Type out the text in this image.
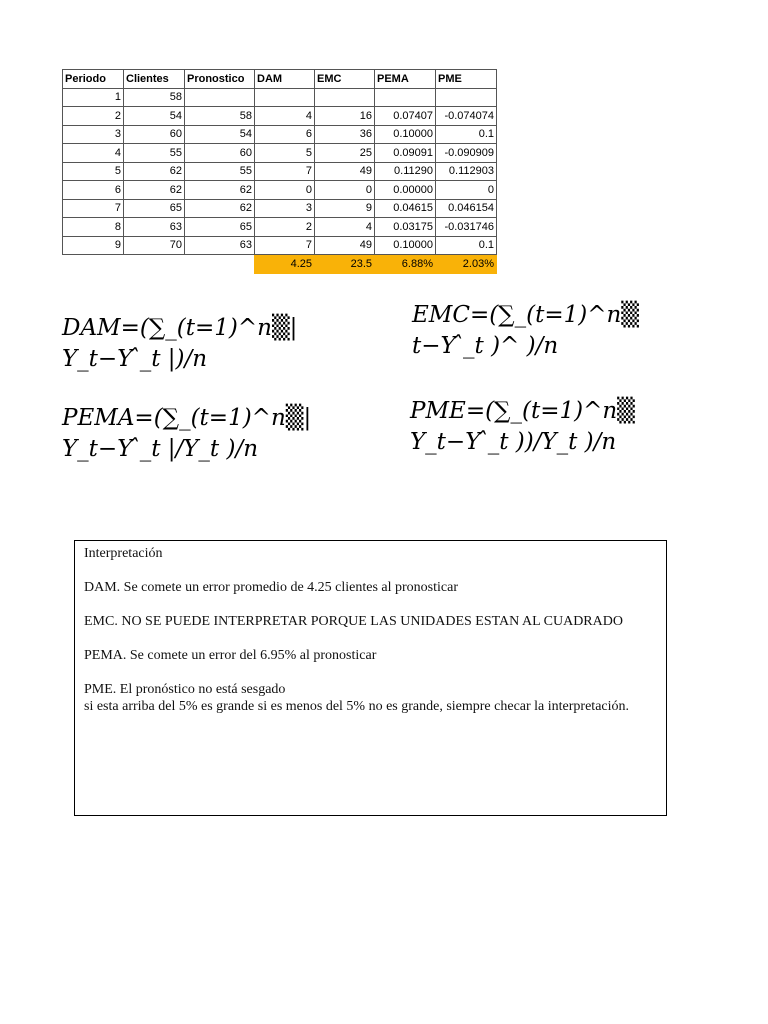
Periodo	Clientes	Pronostico	DAM	EMC	PEMA	PME
1	58					
2	54	58	4	16	0.07407	-0.074074
3	60	54	6	36	0.10000	0.1
4	55	60	5	25	0.09091	-0.090909
5	62	55	7	49	0.11290	0.112903
6	62	62	0	0	0.00000	0
7	65	62	3	9	0.04615	0.046154
8	63	65	2	4	0.03175	-0.031746
9	70	63	7	49	0.10000	0.1
			4.25	23.5	6.88%	2.03%
DAM=(∑_(t=1)^n▒|
Y_t−Y ̂_t |)/n
EMC=(∑_(t=1)^n▒
t−Y ̂_t )^ )/n
PEMA=(∑_(t=1)^n▒|
Y_t−Y ̂_t |/Y_t )/n
PME=(∑_(t=1)^n▒
Y_t−Y ̂_t ))/Y_t )/n

Interpretación

DAM. Se comete un error promedio de 4.25 clientes al pronosticar

EMC. NO SE PUEDE INTERPRETAR PORQUE LAS UNIDADES ESTAN AL CUADRADO

PEMA. Se comete un error del 6.95% al pronosticar

PME. El pronóstico no está sesgado
si esta arriba del 5% es grande si es menos del 5% no es grande, siempre checar la interpretación.
